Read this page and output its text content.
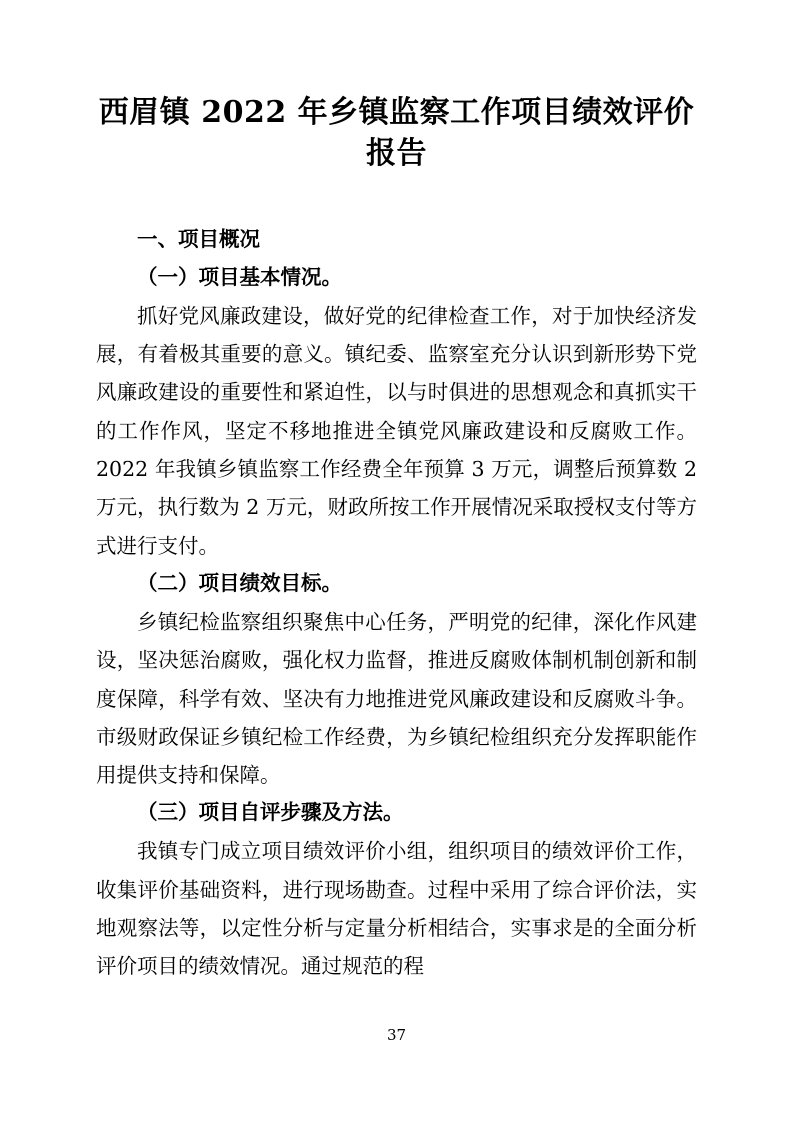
西眉镇 2022 年乡镇监察工作项目绩效评价
报告

一、项目概况

（一）项目基本情况。

抓好党风廉政建设，做好党的纪律检查工作，对于加快经济发展，有着极其重要的意义。镇纪委、监察室充分认识到新形势下党风廉政建设的重要性和紧迫性，以与时俱进的思想观念和真抓实干的工作作风，坚定不移地推进全镇党风廉政建设和反腐败工作。2022 年我镇乡镇监察工作经费全年预算 3 万元，调整后预算数 2 万元，执行数为 2 万元，财政所按工作开展情况采取授权支付等方式进行支付。

（二）项目绩效目标。

乡镇纪检监察组织聚焦中心任务，严明党的纪律，深化作风建设，坚决惩治腐败，强化权力监督，推进反腐败体制机制创新和制度保障，科学有效、坚决有力地推进党风廉政建设和反腐败斗争。市级财政保证乡镇纪检工作经费，为乡镇纪检组织充分发挥职能作用提供支持和保障。

（三）项目自评步骤及方法。

我镇专门成立项目绩效评价小组，组织项目的绩效评价工作，收集评价基础资料，进行现场勘查。过程中采用了综合评价法，实地观察法等，以定性分析与定量分析相结合，实事求是的全面分析评价项目的绩效情况。通过规范的程

37
